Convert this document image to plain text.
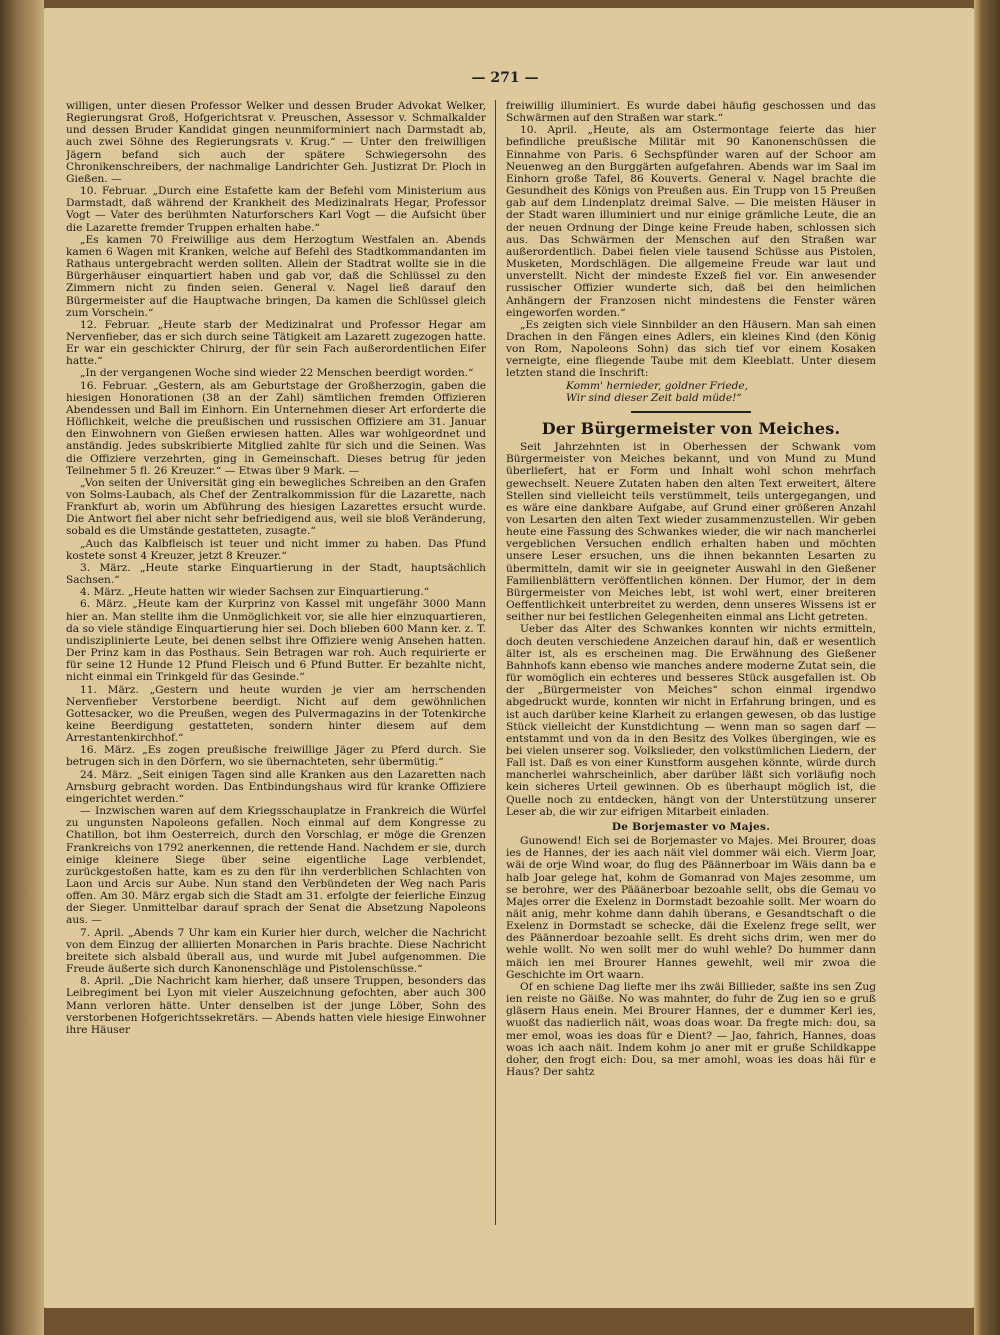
— 271 —

willigen, unter diesen Professor Welker und dessen Bruder Advokat Welker, Regierungsrat Groß, Hofgerichtsrat v. Preuschen, Assessor v. Schmalkalder und dessen Bruder Kandidat gingen neunmiforminiert nach Darmstadt ab, auch zwei Söhne des Regierungsrats v. Krug.“ — Unter den freiwilligen Jägern befand sich auch der spätere Schwiegersohn des Chronikenschreibers, der nachmalige Landrichter Geh. Justizrat Dr. Ploch in Gießen. —

10. Februar. „Durch eine Estafette kam der Befehl vom Ministerium aus Darmstadt, daß während der Krankheit des Medizinalrats Hegar, Professor Vogt — Vater des berühmten Naturforschers Karl Vogt — die Aufsicht über die Lazarette fremder Truppen erhalten habe.“

„Es kamen 70 Freiwillige aus dem Herzogtum Westfalen an. Abends kamen 6 Wagen mit Kranken, welche auf Befehl des Stadtkommandanten im Rathaus untergebracht werden sollten. Allein der Stadtrat wollte sie in die Bürgerhäuser einquartiert haben und gab vor, daß die Schlüssel zu den Zimmern nicht zu finden seien. General v. Nagel ließ darauf den Bürgermeister auf die Hauptwache bringen, Da kamen die Schlüssel gleich zum Vorschein.“

12. Februar. „Heute starb der Medizinalrat und Professor Hegar am Nervenfieber, das er sich durch seine Tätigkeit am Lazarett zugezogen hatte. Er war ein geschickter Chirurg, der für sein Fach außerordentlichen Eifer hatte.“

„In der vergangenen Woche sind wieder 22 Menschen beerdigt worden.“

16. Februar. „Gestern, als am Geburtstage der Großherzogin, gaben die hiesigen Honorationen (38 an der Zahl) sämtlichen fremden Offizieren Abendessen und Ball im Einhorn. Ein Unternehmen dieser Art erforderte die Höflichkeit, welche die preußischen und russischen Offiziere am 31. Januar den Einwohnern von Gießen erwiesen hatten. Alles war wohlgeordnet und anständig. Jedes subskribierte Mitglied zahlte für sich und die Seinen. Was die Offiziere verzehrten, ging in Gemeinschaft. Dieses betrug für jeden Teilnehmer 5 fl. 26 Kreuzer.“ — Etwas über 9 Mark. —

„Von seiten der Universität ging ein bewegliches Schreiben an den Grafen von Solms-Laubach, als Chef der Zentralkommission für die Lazarette, nach Frankfurt ab, worin um Abführung des hiesigen Lazarettes ersucht wurde. Die Antwort fiel aber nicht sehr befriedigend aus, weil sie bloß Veränderung, sobald es die Umstände gestatteten, zusagte.“

„Auch das Kalbfleisch ist teuer und nicht immer zu haben. Das Pfund kostete sonst 4 Kreuzer, jetzt 8 Kreuzer.“

3. März. „Heute starke Einquartierung in der Stadt, hauptsächlich Sachsen.“

4. März. „Heute hatten wir wieder Sachsen zur Einquartierung.“

6. März. „Heute kam der Kurprinz von Kassel mit ungefähr 3000 Mann hier an. Man stellte ihm die Unmöglichkeit vor, sie alle hier einzuquartieren, da so viele ständige Einquartierung hier sei. Doch blieben 600 Mann ker. z. T. undisziplinierte Leute, bei denen selbst ihre Offiziere wenig Ansehen hatten. Der Prinz kam in das Posthaus. Sein Betragen war roh. Auch requirierte er für seine 12 Hunde 12 Pfund Fleisch und 6 Pfund Butter. Er bezahlte nicht, nicht einmal ein Trinkgeld für das Gesinde.“

11. März. „Gestern und heute wurden je vier am herrschenden Nervenfieber Verstorbene beerdigt. Nicht auf dem gewöhnlichen Gottesacker, wo die Preußen, wegen des Pulvermagazins in der Totenkirche keine Beerdigung gestatteten, sondern hinter diesem auf dem Arrestantenkirchhof.“

16. März. „Es zogen preußische freiwillige Jäger zu Pferd durch. Sie betrugen sich in den Dörfern, wo sie übernachteten, sehr übermütig.“

24. März. „Seit einigen Tagen sind alle Kranken aus den Lazaretten nach Arnsburg gebracht worden. Das Entbindungshaus wird für kranke Offiziere eingerichtet werden.“

— Inzwischen waren auf dem Kriegsschauplatze in Frankreich die Würfel zu ungunsten Napoleons gefallen. Noch einmal auf dem Kongresse zu Chatillon, bot ihm Oesterreich, durch den Vorschlag, er möge die Grenzen Frankreichs von 1792 anerkennen, die rettende Hand. Nachdem er sie, durch einige kleinere Siege über seine eigentliche Lage verblendet, zurückgestoßen hatte, kam es zu den für ihn verderblichen Schlachten von Laon und Arcis sur Aube. Nun stand den Verbündeten der Weg nach Paris offen. Am 30. März ergab sich die Stadt am 31. erfolgte der feierliche Einzug der Sieger. Unmittelbar darauf sprach der Senat die Absetzung Napoleons aus. —

7. April. „Abends 7 Uhr kam ein Kurier hier durch, welcher die Nachricht von dem Einzug der alliierten Monarchen in Paris brachte. Diese Nachricht breitete sich alsbald überall aus, und wurde mit Jubel aufgenommen. Die Freude äußerte sich durch Kanonenschläge und Pistolenschüsse.“

8. April. „Die Nachricht kam hierher, daß unsere Truppen, besonders das Leibregiment bei Lyon mit vieler Auszeichnung gefochten, aber auch 300 Mann verloren hätte. Unter denselben ist der junge Löber, Sohn des verstorbenen Hofgerichtssekretärs. — Abends hatten viele hiesige Einwohner ihre Häuser

freiwillig illuminiert. Es wurde dabei häufig geschossen und das Schwärmen auf den Straßen war stark.“

10. April. „Heute, als am Ostermontage feierte das hier befindliche preußische Militär mit 90 Kanonenschüssen die Einnahme von Paris. 6 Sechspfünder waren auf der Schoor am Neuenweg an den Burggärten aufgefahren. Abends war im Saal im Einhorn große Tafel, 86 Kouverts. General v. Nagel brachte die Gesundheit des Königs von Preußen aus. Ein Trupp von 15 Preußen gab auf dem Lindenplatz dreimal Salve. — Die meisten Häuser in der Stadt waren illuminiert und nur einige grämliche Leute, die an der neuen Ordnung der Dinge keine Freude haben, schlossen sich aus. Das Schwärmen der Menschen auf den Straßen war außerordentlich. Dabei fielen viele tausend Schüsse aus Pistolen, Musketen, Mordschlägen. Die allgemeine Freude war laut und unverstellt. Nicht der mindeste Exzeß fiel vor. Ein anwesender russischer Offizier wunderte sich, daß bei den heimlichen Anhängern der Franzosen nicht mindestens die Fenster wären eingeworfen worden.“

„Es zeigten sich viele Sinnbilder an den Häusern. Man sah einen Drachen in den Fängen eines Adlers, ein kleines Kind (den König von Rom, Napoleons Sohn) das sich tief vor einem Kosaken verneigte, eine fliegende Taube mit dem Kleeblatt. Unter diesem letzten stand die Inschrift:

Komm' hernieder, goldner Friede,

Wir sind dieser Zeit bald müde!“

Der Bürgermeister von Meiches.

Seit Jahrzehnten ist in Oberhessen der Schwank vom Bürgermeister von Meiches bekannt, und von Mund zu Mund überliefert, hat er Form und Inhalt wohl schon mehrfach gewechselt. Neuere Zutaten haben den alten Text erweitert, ältere Stellen sind vielleicht teils verstümmelt, teils untergegangen, und es wäre eine dankbare Aufgabe, auf Grund einer größeren Anzahl von Lesarten den alten Text wieder zusammenzustellen. Wir geben heute eine Fassung des Schwankes wieder, die wir nach mancherlei vergeblichen Versuchen endlich erhalten haben und möchten unsere Leser ersuchen, uns die ihnen bekannten Lesarten zu übermitteln, damit wir sie in geeigneter Auswahl in den Gießener Familienblättern veröffentlichen können. Der Humor, der in dem Bürgermeister von Meiches lebt, ist wohl wert, einer breiteren Oeffentlichkeit unterbreitet zu werden, denn unseres Wissens ist er seither nur bei festlichen Gelegenheiten einmal ans Licht getreten.

Ueber das Alter des Schwankes konnten wir nichts ermitteln, doch deuten verschiedene Anzeichen darauf hin, daß er wesentlich älter ist, als es erscheinen mag. Die Erwähnung des Gießener Bahnhofs kann ebenso wie manches andere moderne Zutat sein, die für womöglich ein echteres und besseres Stück ausgefallen ist. Ob der „Bürgermeister von Meiches“ schon einmal irgendwo abgedruckt wurde, konnten wir nicht in Erfahrung bringen, und es ist auch darüber keine Klarheit zu erlangen gewesen, ob das lustige Stück vielleicht der Kunstdichtung — wenn man so sagen darf — entstammt und von da in den Besitz des Volkes übergingen, wie es bei vielen unserer sog. Volkslieder, den volkstümlichen Liedern, der Fall ist. Daß es von einer Kunstform ausgehen könnte, würde durch mancherlei wahrscheinlich, aber darüber läßt sich vorläufig noch kein sicheres Urteil gewinnen. Ob es überhaupt möglich ist, die Quelle noch zu entdecken, hängt von der Unterstützung unserer Leser ab, die wir zur eifrigen Mitarbeit einladen.

De Borjemaster vo Majes.

Gunowend! Eich sei de Borjemaster vo Majes. Mei Brourer, doas ies de Hannes, der ies aach näit viel dommer wäi eich. Vierm Joar, wäi de orje Wind woar, do flug des Päännerboar im Wäis dann ba e halb Joar gelege hat, kohm de Gomanrad von Majes zesomme, um se berohre, wer des Pääänerboar bezoahle sellt, obs die Gemau vo Majes orrer die Exelenz in Dormstadt bezoahle sollt. Mer woarn do näit anig, mehr kohme dann dahih überans, e Gesandtschaft o die Exelenz in Dormstadt se schecke, däi die Exelenz frege sellt, wer des Päännerdoar bezoahle sellt. Es dreht sichs drim, wen mer do wehle wollt. No wen sollt mer do wuhl wehle? Do hummer dann mäich ien mei Brourer Hannes gewehlt, weil mir zwoa die Geschichte im Ort waarn.

Of en schiene Dag liefte mer ihs zwäi Billieder, saßte ins sen Zug ien reiste no Gäiße. No was mahnter, do fuhr de Zug ien so e gruß gläsern Haus enein. Mei Brourer Hannes, der e dummer Kerl ies, wuoßt das nadierlich näit, woas doas woar. Da fregte mich: dou, sa mer emol, woas ies doas für e Dient? — Jao, fahrich, Hannes, doas woas ich aach näit. Indem kohm jo aner mit er gruße Schildkappe doher, den frogt eich: Dou, sa mer amohl, woas ies doas häi für e Haus? Der sahtz
